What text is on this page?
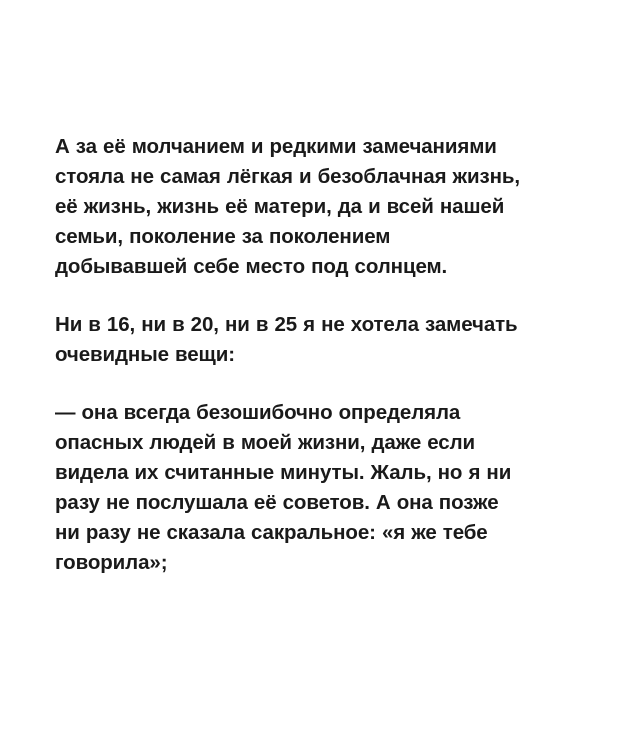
А за её молчанием и редкими замечаниями стояла не самая лёгкая и безоблачная жизнь, её жизнь, жизнь её матери, да и всей нашей семьи, поколение за поколением добывавшей себе место под солнцем.

Ни в 16, ни в 20, ни в 25 я не хотела замечать очевидные вещи:

— она всегда безошибочно определяла опасных людей в моей жизни, даже если видела их считанные минуты. Жаль, но я ни разу не послушала её советов. А она позже ни разу не сказала сакральное: «я же тебе говорила»;
